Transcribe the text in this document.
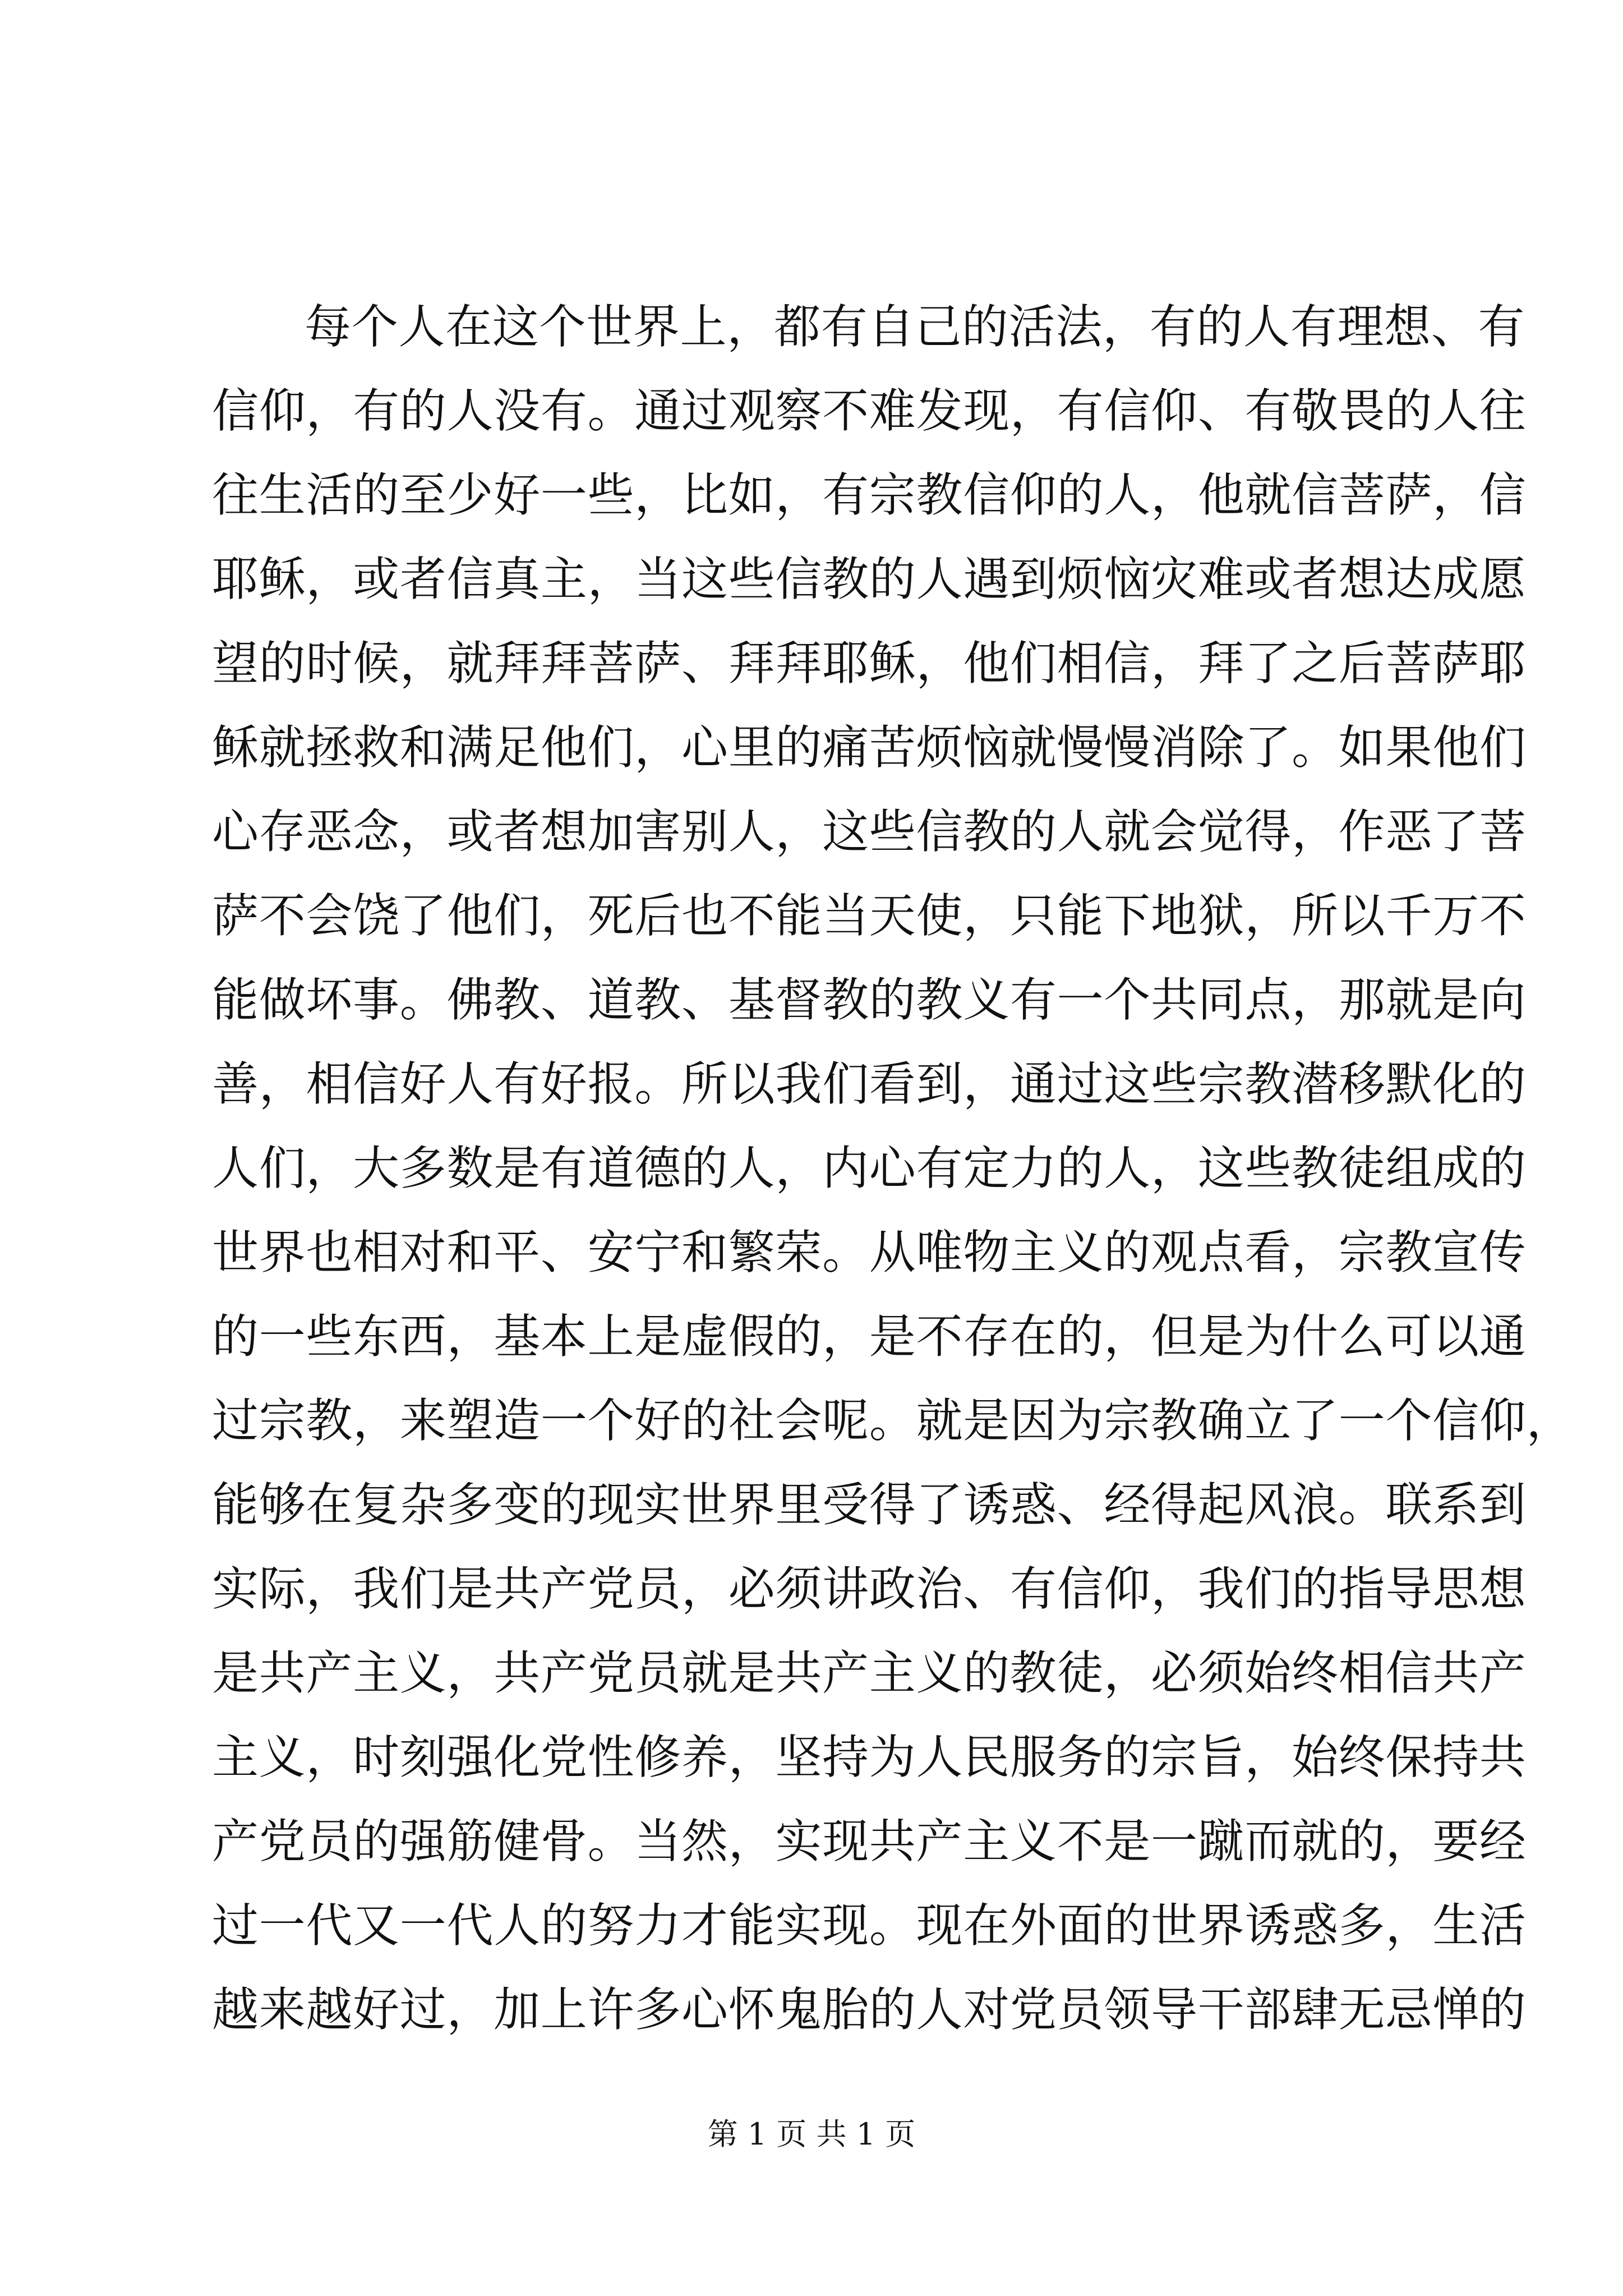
每个人在这个世界上，都有自己的活法，有的人有理想、有
信仰，有的人没有。通过观察不难发现，有信仰、有敬畏的人往
往生活的至少好一些，比如，有宗教信仰的人，他就信菩萨，信
耶稣，或者信真主，当这些信教的人遇到烦恼灾难或者想达成愿
望的时候，就拜拜菩萨、拜拜耶稣，他们相信，拜了之后菩萨耶
稣就拯救和满足他们，心里的痛苦烦恼就慢慢消除了。如果他们
心存恶念，或者想加害别人，这些信教的人就会觉得，作恶了菩
萨不会饶了他们，死后也不能当天使，只能下地狱，所以千万不
能做坏事。佛教、道教、基督教的教义有一个共同点，那就是向
善，相信好人有好报。所以我们看到，通过这些宗教潜移默化的
人们，大多数是有道德的人，内心有定力的人，这些教徒组成的
世界也相对和平、安宁和繁荣。从唯物主义的观点看，宗教宣传
的一些东西，基本上是虚假的，是不存在的，但是为什么可以通
过宗教，来塑造一个好的社会呢。就是因为宗教确立了一个信仰，
能够在复杂多变的现实世界里受得了诱惑、经得起风浪。联系到
实际，我们是共产党员，必须讲政治、有信仰，我们的指导思想
是共产主义，共产党员就是共产主义的教徒，必须始终相信共产
主义，时刻强化党性修养，坚持为人民服务的宗旨，始终保持共
产党员的强筋健骨。当然，实现共产主义不是一蹴而就的，要经
过一代又一代人的努力才能实现。现在外面的世界诱惑多，生活
越来越好过，加上许多心怀鬼胎的人对党员领导干部肆无忌惮的
第 1 页 共 1 页
